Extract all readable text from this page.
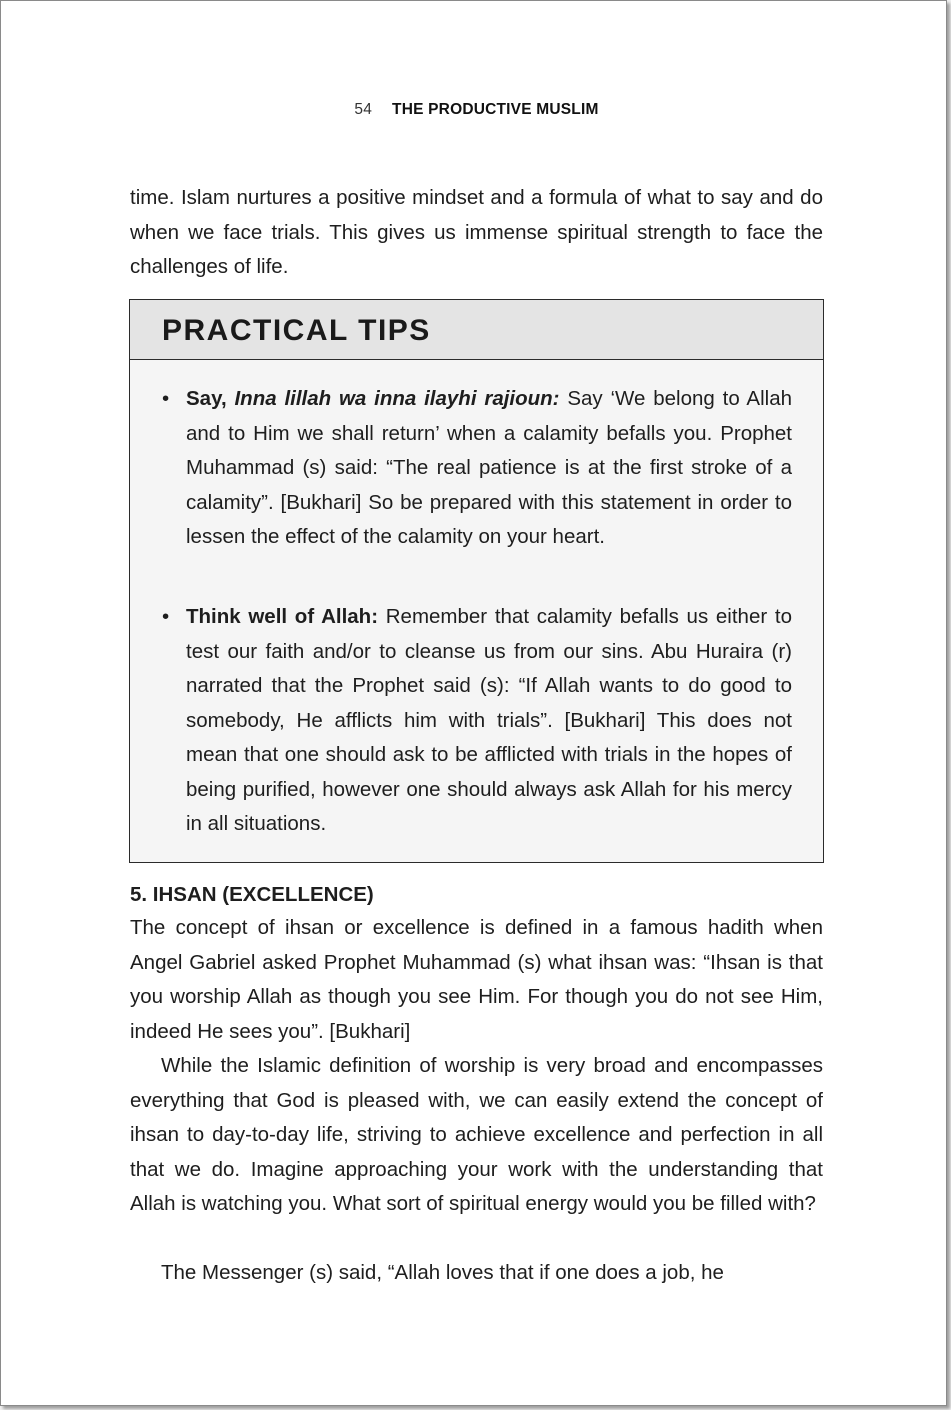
54 THE PRODUCTIVE MUSLIM

time. Islam nurtures a positive mindset and a formula of what to say and do when we face trials. This gives us immense spiritual strength to face the challenges of life.

PRACTICAL TIPS
• Say, Inna lillah wa inna ilayhi rajioun: Say ‘We belong to Allah and to Him we shall return’ when a calamity befalls you. Prophet Muhammad (s) said: “The real patience is at the first stroke of a calamity”. [Bukhari] So be prepared with this statement in order to lessen the effect of the calamity on your heart.
• Think well of Allah: Remember that calamity befalls us either to test our faith and/or to cleanse us from our sins. Abu Huraira (r) narrated that the Prophet said (s): “If Allah wants to do good to somebody, He afflicts him with trials”. [Bukhari] This does not mean that one should ask to be afflicted with trials in the hopes of being purified, however one should always ask Allah for his mercy in all situations.
5. IHSAN (EXCELLENCE)

The concept of ihsan or excellence is defined in a famous hadith when Angel Gabriel asked Prophet Muhammad (s) what ihsan was: “Ihsan is that you worship Allah as though you see Him. For though you do not see Him, indeed He sees you”. [Bukhari]

While the Islamic definition of worship is very broad and encompasses everything that God is pleased with, we can easily extend the concept of ihsan to day-to-day life, striving to achieve excellence and perfection in all that we do. Imagine approaching your work with the understanding that Allah is watching you. What sort of spiritual energy would you be filled with?

The Messenger (s) said, “Allah loves that if one does a job, he
